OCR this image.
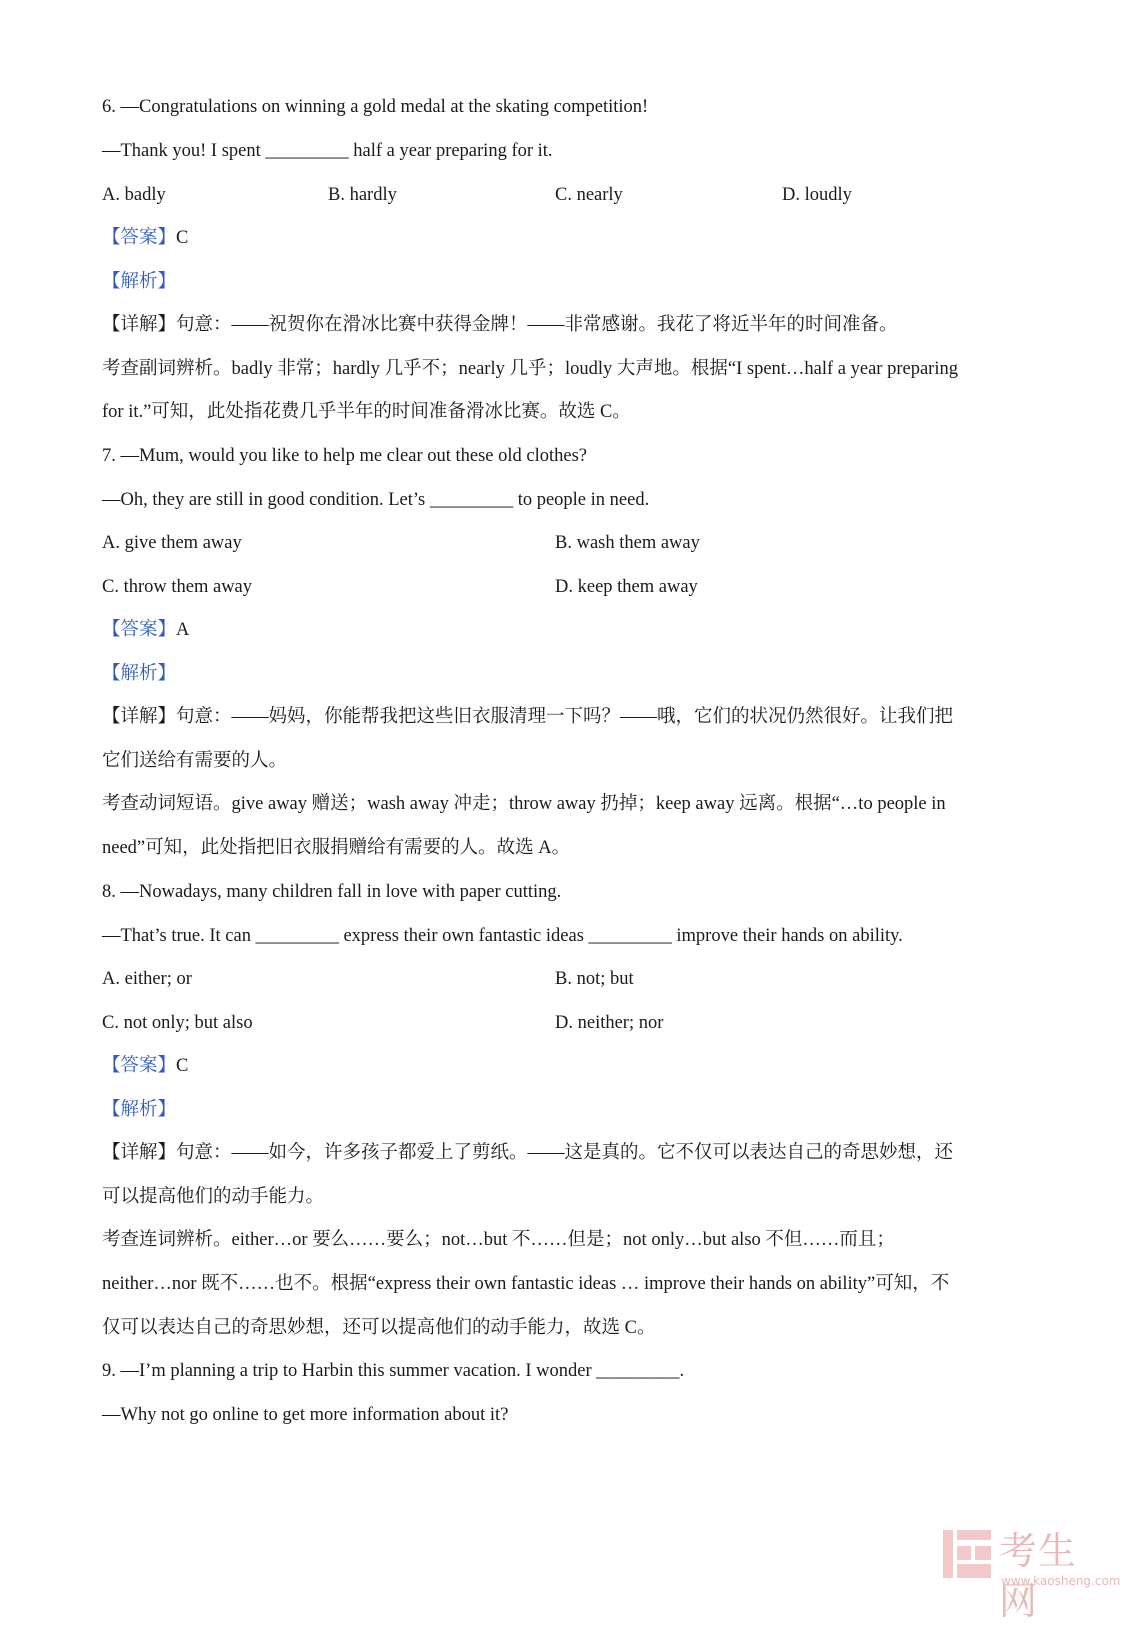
6. —Congratulations on winning a gold medal at the skating competition!

—Thank you! I spent _________ half a year preparing for it.

A. badly	B. hardly	C. nearly	D. loudly

【答案】C

【解析】

【详解】句意：——祝贺你在滑冰比赛中获得金牌！——非常感谢。我花了将近半年的时间准备。

考查副词辨析。badly 非常；hardly 几乎不；nearly 几乎；loudly 大声地。根据“I spent…half a year preparing

for it.”可知，此处指花费几乎半年的时间准备滑冰比赛。故选 C。

7. —Mum, would you like to help me clear out these old clothes?

—Oh, they are still in good condition. Let’s _________ to people in need.

A. give them away	B. wash them away

C. throw them away	D. keep them away

【答案】A

【解析】

【详解】句意：——妈妈，你能帮我把这些旧衣服清理一下吗？——哦，它们的状况仍然很好。让我们把

它们送给有需要的人。

考查动词短语。give away 赠送；wash away 冲走；throw away 扔掉；keep away 远离。根据“…to people in

need”可知，此处指把旧衣服捐赠给有需要的人。故选 A。

8. —Nowadays, many children fall in love with paper cutting.

—That’s true. It can _________ express their own fantastic ideas _________ improve their hands on ability.

A. either; or	B. not; but

C. not only; but also	D. neither; nor

【答案】C

【解析】

【详解】句意：——如今，许多孩子都爱上了剪纸。——这是真的。它不仅可以表达自己的奇思妙想，还

可以提高他们的动手能力。

考查连词辨析。either…or 要么……要么；not…but 不……但是；not only…but also 不但……而且；

neither…nor 既不……也不。根据“express their own fantastic ideas … improve their hands on ability”可知，不

仅可以表达自己的奇思妙想，还可以提高他们的动手能力，故选 C。

9. —I’m planning a trip to Harbin this summer vacation. I wonder _________.

—Why not go online to get more information about it?

考生网
www.kaosheng.com
